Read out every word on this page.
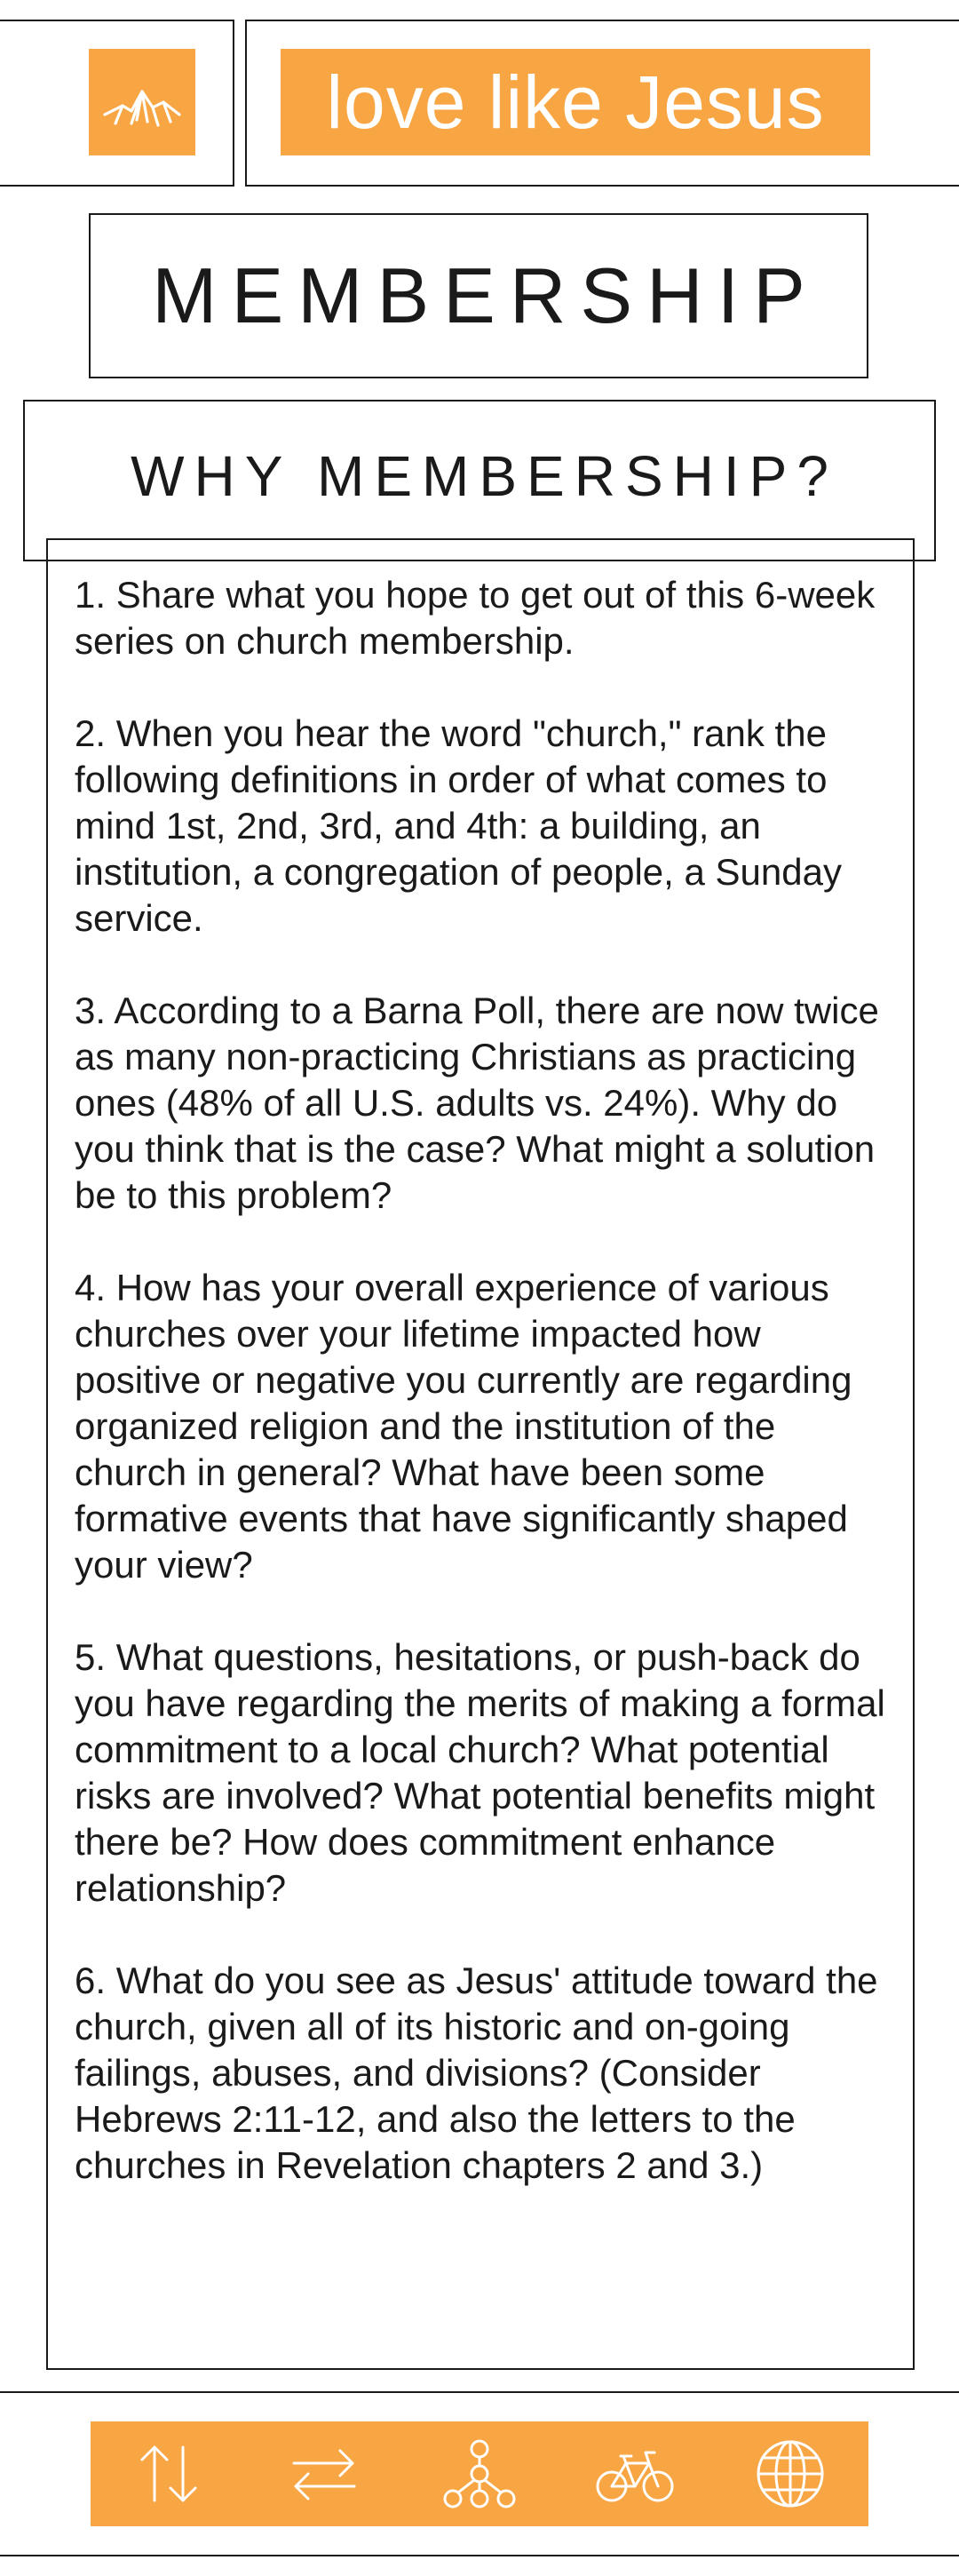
love like Jesus
MEMBERSHIP
WHY MEMBERSHIP?

1. Share what you hope to get out of this 6-week series on church membership.

2. When you hear the word "church," rank the following definitions in order of what comes to mind 1st, 2nd, 3rd, and 4th: a building, an institution, a congregation of people, a Sunday service.

3. According to a Barna Poll, there are now twice as many non-practicing Christians as practicing ones (48% of all U.S. adults vs. 24%). Why do you think that is the case? What might a solution be to this problem?

4. How has your overall experience of various churches over your lifetime impacted how positive or negative you currently are regarding organized religion and the institution of the church in general? What have been some formative events that have significantly shaped your view?

5. What questions, hesitations, or push-back do you have regarding the merits of making a formal commitment to a local church? What potential risks are involved? What potential benefits might there be? How does commitment enhance relationship?

6. What do you see as Jesus' attitude toward the church, given all of its historic and on-going failings, abuses, and divisions? (Consider Hebrews 2:11-12, and also the letters to the churches in Revelation chapters 2 and 3.)
